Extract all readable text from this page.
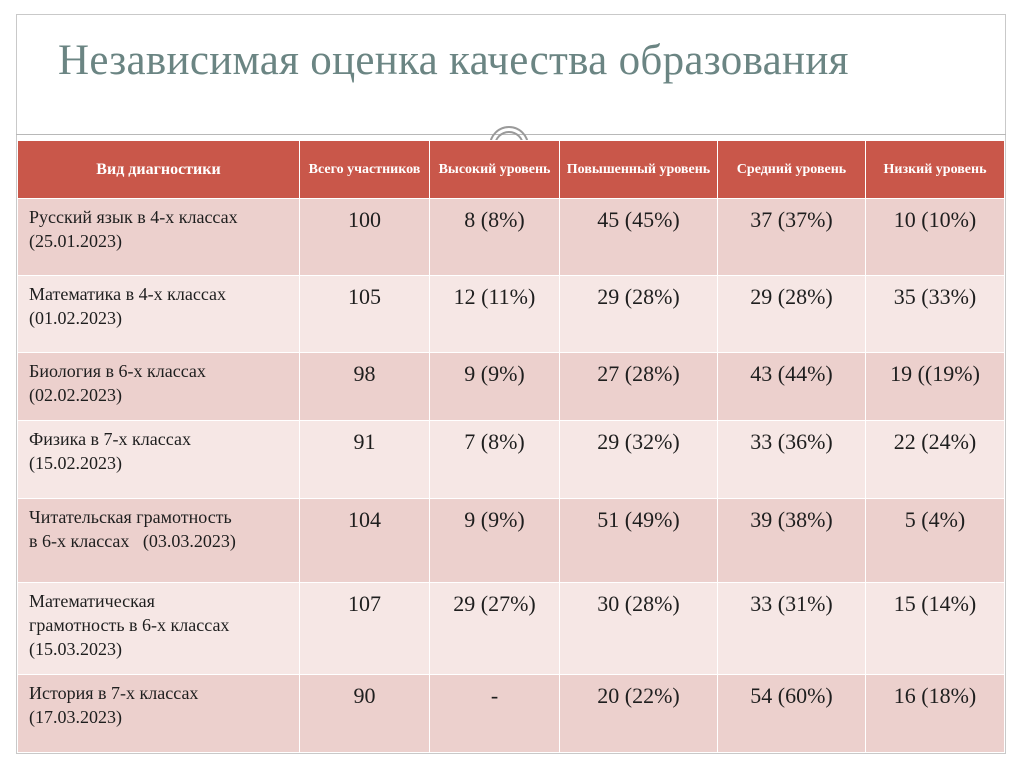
Независимая оценка качества образования
Вид диагностики	Всего участников	Высокий уровень	Повышенный уровень	Средний уровень	Низкий уровень
Русский язык в 4-х классах
(25.01.2023)	100	8 (8%)	45 (45%)	37 (37%)	10 (10%)
Математика в 4-х классах
(01.02.2023)	105	12 (11%)	29 (28%)	29 (28%)	35 (33%)
Биология в 6-х классах
(02.02.2023)	98	9 (9%)	27 (28%)	43 (44%)	19 ((19%)
Физика в 7-х классах
(15.02.2023)	91	7 (8%)	29 (32%)	33 (36%)	22 (24%)
Читательская грамотность
в 6-х классах   (03.03.2023)	104	9 (9%)	51 (49%)	39 (38%)	5 (4%)
Математическая
грамотность в 6-х классах
(15.03.2023)	107	29 (27%)	30 (28%)	33 (31%)	15 (14%)
История в 7-х классах
(17.03.2023)	90	-	20 (22%)	54 (60%)	16 (18%)
